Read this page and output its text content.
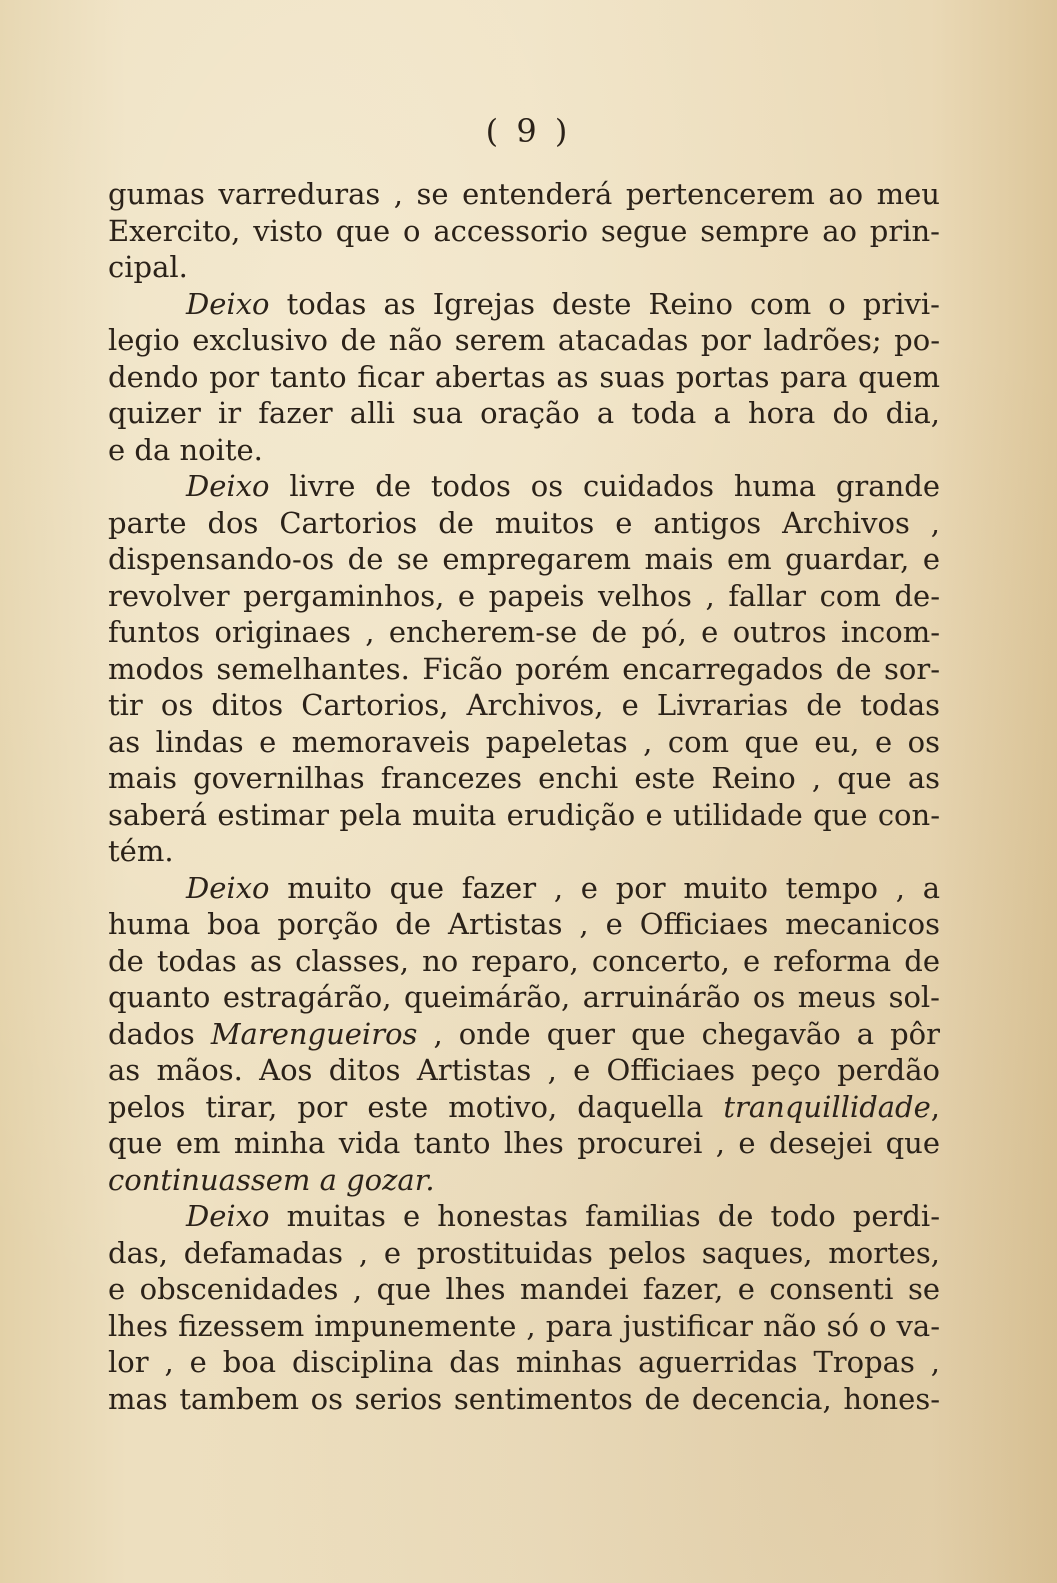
( 9 )
gumas varreduras , se entenderá pertencerem ao meu
Exercito, visto que o accessorio segue sempre ao prin-
cipal.
Deixo todas as Igrejas deste Reino com o privi-
legio exclusivo de não serem atacadas por ladrões; po-
dendo por tanto ficar abertas as suas portas para quem
quizer ir fazer alli sua oração a toda a hora do dia,
e da noite.
Deixo livre de todos os cuidados huma grande
parte dos Cartorios de muitos e antigos Archivos ,
dispensando-os de se empregarem mais em guardar, e
revolver pergaminhos, e papeis velhos , fallar com de-
funtos originaes , encherem-se de pó, e outros incom-
modos semelhantes. Ficão porém encarregados de sor-
tir os ditos Cartorios, Archivos, e Livrarias de todas
as lindas e memoraveis papeletas , com que eu, e os
mais governilhas francezes enchi este Reino , que as
saberá estimar pela muita erudição e utilidade que con-
tém.
Deixo muito que fazer , e por muito tempo , a
huma boa porção de Artistas , e Officiaes mecanicos
de todas as classes, no reparo, concerto, e reforma de
quanto estragárão, queimárão, arruinárão os meus sol-
dados Marengueiros , onde quer que chegavão a pôr
as mãos. Aos ditos Artistas , e Officiaes peço perdão
pelos tirar, por este motivo, daquella tranquillidade,
que em minha vida tanto lhes procurei , e desejei que
continuassem a gozar.
Deixo muitas e honestas familias de todo perdi-
das, defamadas , e prostituidas pelos saques, mortes,
e obscenidades , que lhes mandei fazer, e consenti se
lhes fizessem impunemente , para justificar não só o va-
lor , e boa disciplina das minhas aguerridas Tropas ,
mas tambem os serios sentimentos de decencia, hones-
